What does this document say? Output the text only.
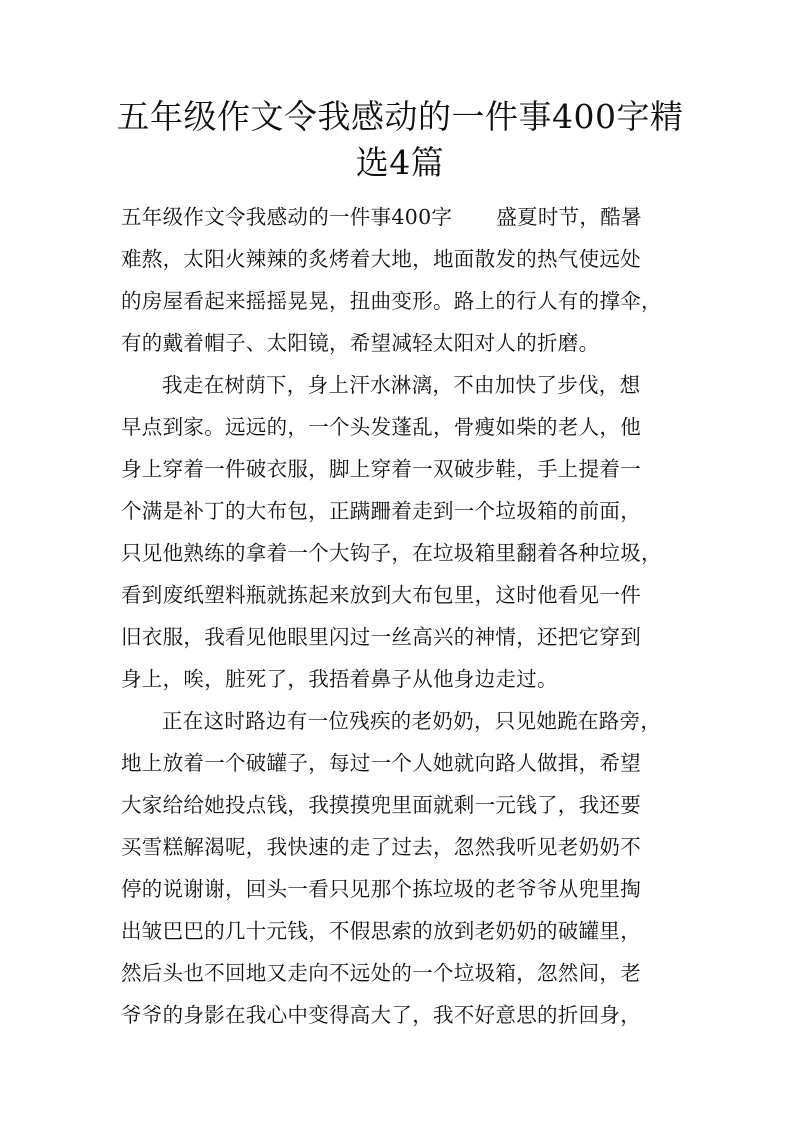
五年级作文令我感动的一件事400字精
选4篇
五年级作文令我感动的一件事400字 盛夏时节，酷暑
难熬，太阳火辣辣的炙烤着大地，地面散发的热气使远处
的房屋看起来摇摇晃晃，扭曲变形。路上的行人有的撑伞，
有的戴着帽子、太阳镜，希望减轻太阳对人的折磨。
我走在树荫下，身上汗水淋漓，不由加快了步伐，想
早点到家。远远的，一个头发蓬乱，骨瘦如柴的老人，他
身上穿着一件破衣服，脚上穿着一双破步鞋，手上提着一
个满是补丁的大布包，正蹒跚着走到一个垃圾箱的前面，
只见他熟练的拿着一个大钩子，在垃圾箱里翻着各种垃圾，
看到废纸塑料瓶就拣起来放到大布包里，这时他看见一件
旧衣服，我看见他眼里闪过一丝高兴的神情，还把它穿到
身上，唉，脏死了，我捂着鼻子从他身边走过。
正在这时路边有一位残疾的老奶奶，只见她跪在路旁，
地上放着一个破罐子，每过一个人她就向路人做揖，希望
大家给给她投点钱，我摸摸兜里面就剩一元钱了，我还要
买雪糕解渴呢，我快速的走了过去，忽然我听见老奶奶不
停的说谢谢，回头一看只见那个拣垃圾的老爷爷从兜里掏
出皱巴巴的几十元钱，不假思索的放到老奶奶的破罐里，
然后头也不回地又走向不远处的一个垃圾箱，忽然间，老
爷爷的身影在我心中变得高大了，我不好意思的折回身，
